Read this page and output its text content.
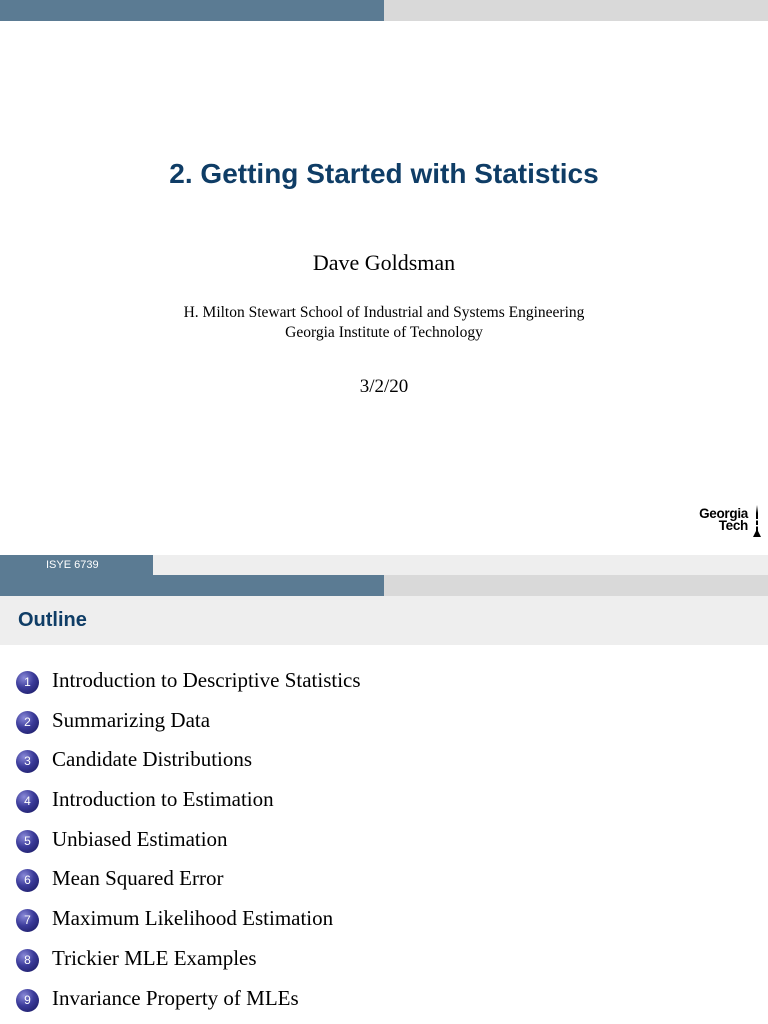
2. Getting Started with Statistics
Dave Goldsman
H. Milton Stewart School of Industrial and Systems Engineering
Georgia Institute of Technology
3/2/20
Georgia
Tech
ISYE 6739
Outline
1	Introduction to Descriptive Statistics
2	Summarizing Data
3	Candidate Distributions
4	Introduction to Estimation
5	Unbiased Estimation
6	Mean Squared Error
7	Maximum Likelihood Estimation
8	Trickier MLE Examples
9	Invariance Property of MLEs
